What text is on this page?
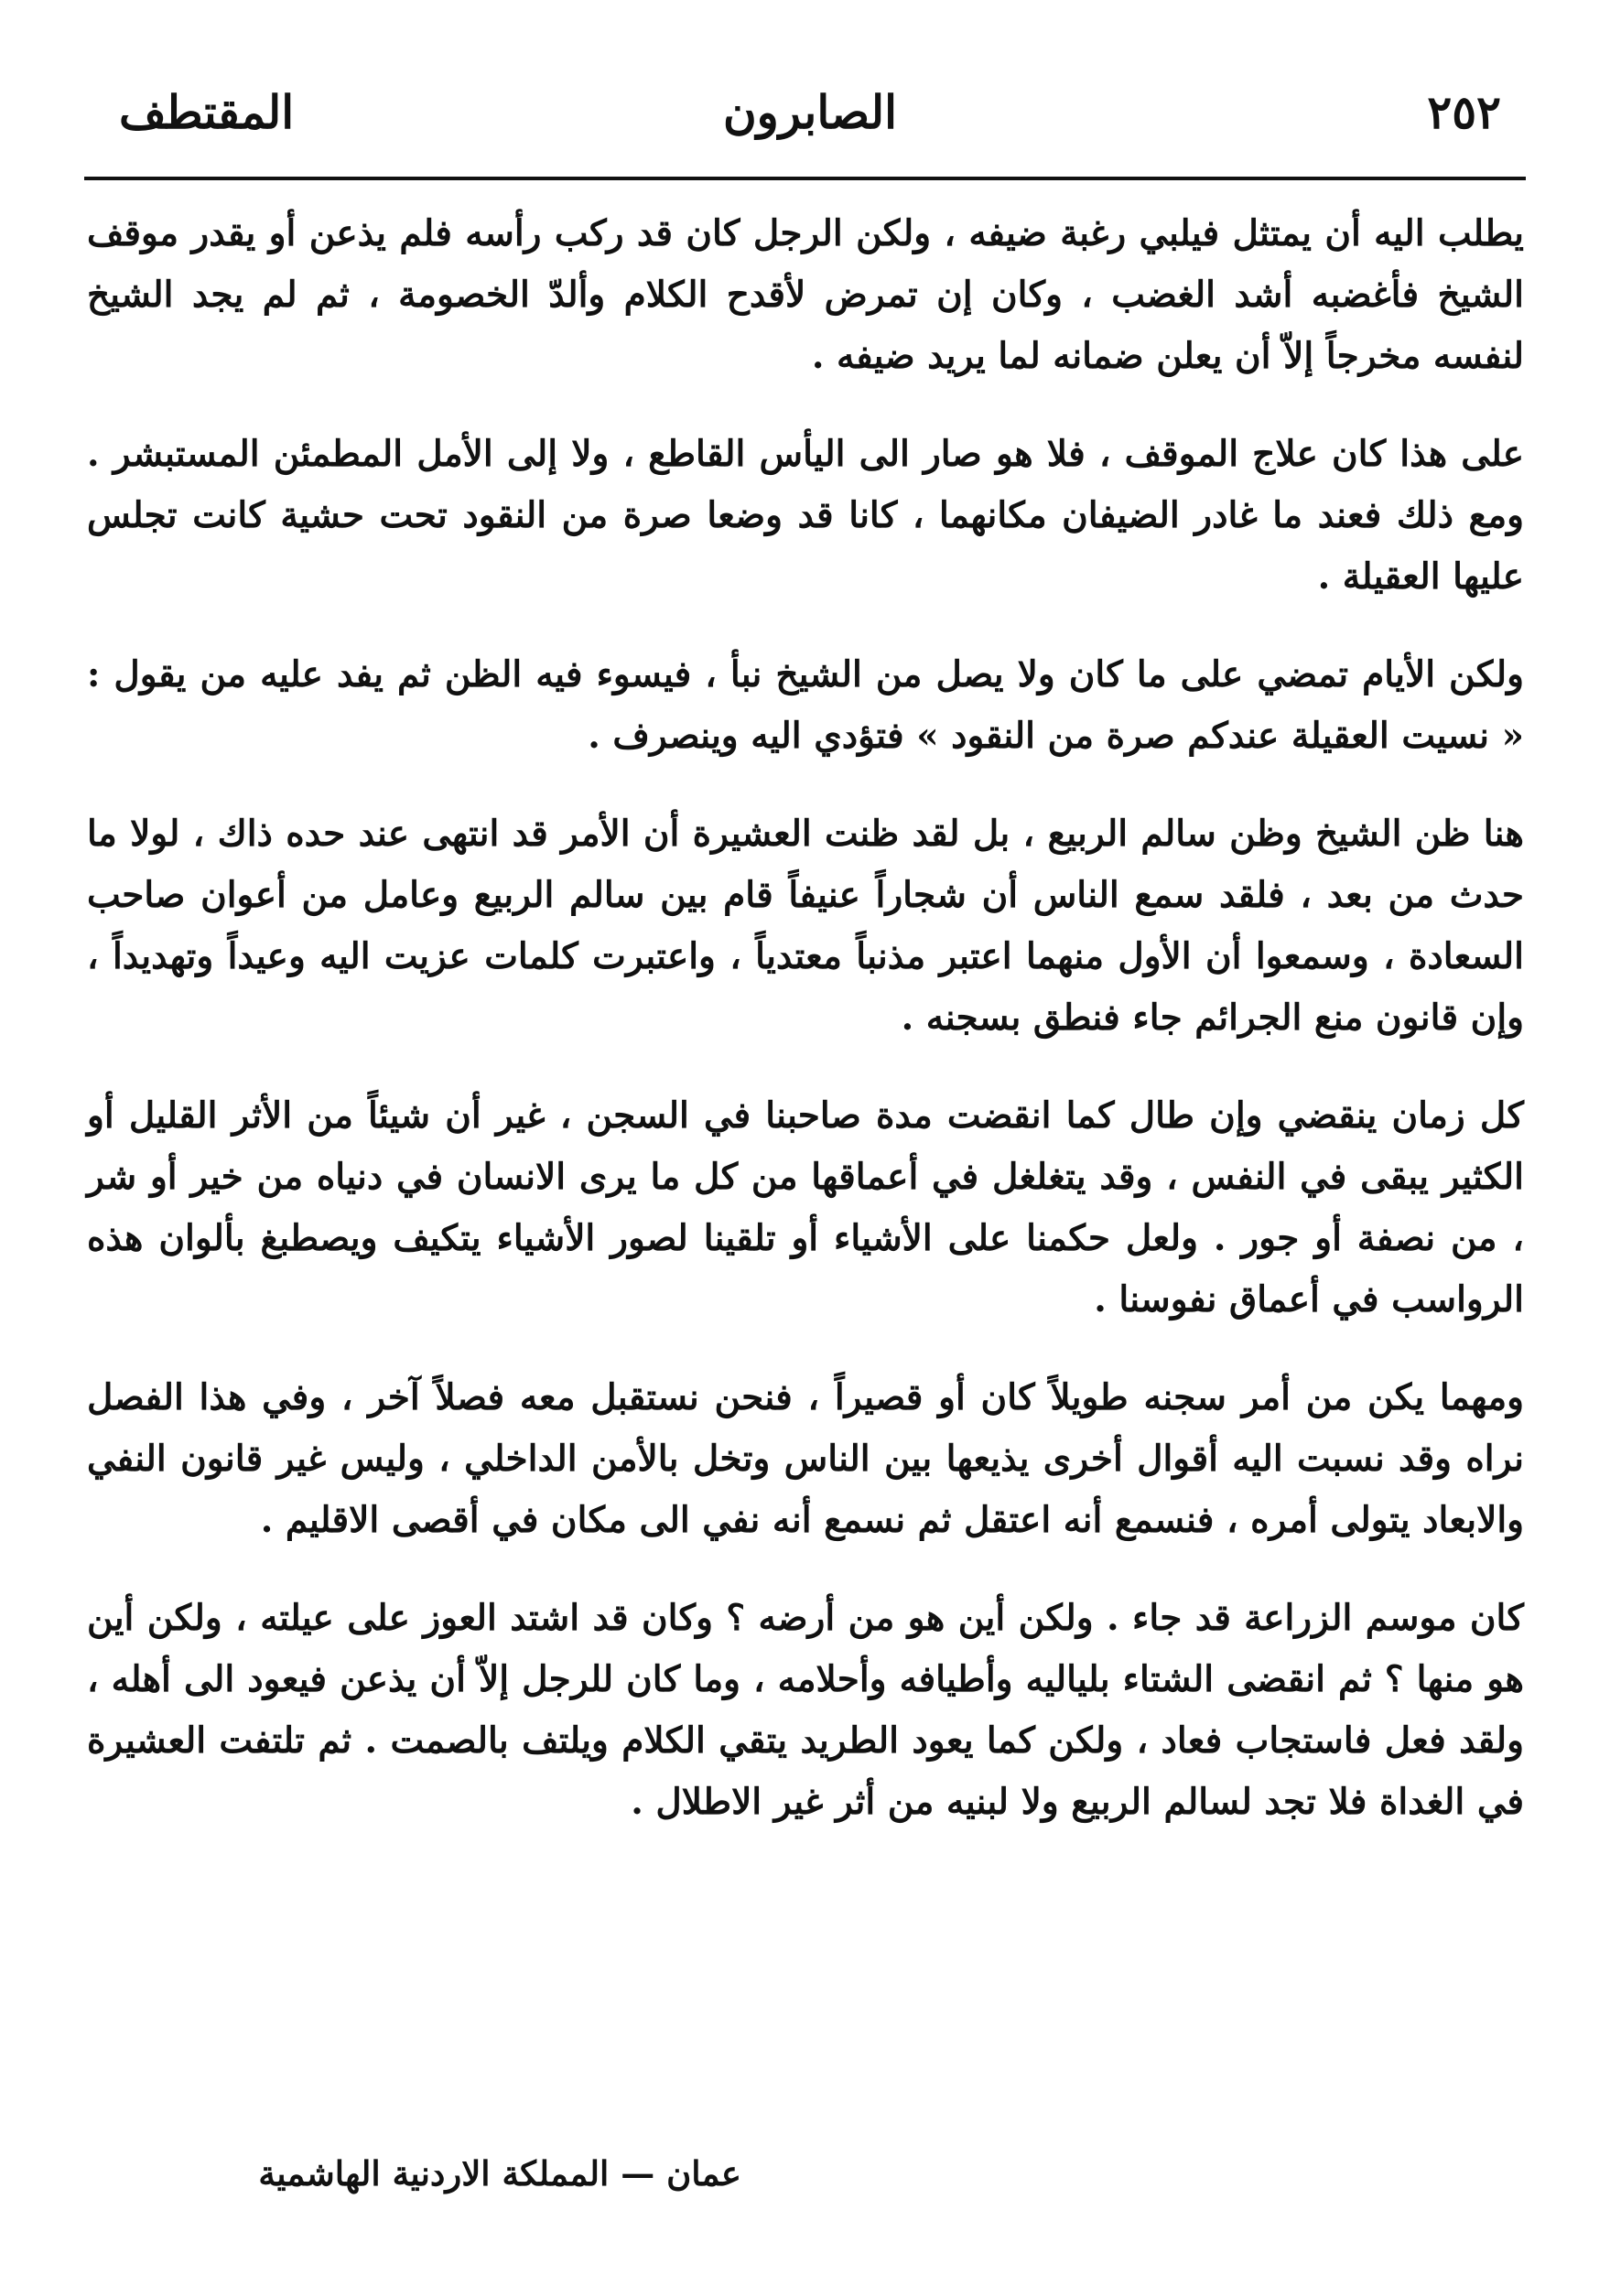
٢٥٢
الصابرون
المقتطف

يطلب اليه أن يمتثل فيلبي رغبة ضيفه ، ولكن الرجل كان قد ركب رأسه فلم يذعن أو يقدر موقف الشيخ فأغضبه أشد الغضب ، وكان إن تمرض لأقدح الكلام وألدّ الخصومة ، ثم لم يجد الشيخ لنفسه مخرجاً إلاّ أن يعلن ضمانه لما يريد ضيفه .

على هذا كان علاج الموقف ، فلا هو صار الى اليأس القاطع ، ولا إلى الأمل المطمئن المستبشر . ومع ذلك فعند ما غادر الضيفان مكانهما ، كانا قد وضعا صرة من النقود تحت حشية كانت تجلس عليها العقيلة .

ولكن الأيام تمضي على ما كان ولا يصل من الشيخ نبأ ، فيسوء فيه الظن ثم يفد عليه من يقول : « نسيت العقيلة عندكم صرة من النقود » فتؤدي اليه وينصرف .

هنا ظن الشيخ وظن سالم الربيع ، بل لقد ظنت العشيرة أن الأمر قد انتهى عند حده ذاك ، لولا ما حدث من بعد ، فلقد سمع الناس أن شجاراً عنيفاً قام بين سالم الربيع وعامل من أعوان صاحب السعادة ، وسمعوا أن الأول منهما اعتبر مذنباً معتدياً ، واعتبرت كلمات عزيت اليه وعيداً وتهديداً ، وإن قانون منع الجرائم جاء فنطق بسجنه .

كل زمان ينقضي وإن طال كما انقضت مدة صاحبنا في السجن ، غير أن شيئاً من الأثر القليل أو الكثير يبقى في النفس ، وقد يتغلغل في أعماقها من كل ما يرى الانسان في دنياه من خير أو شر ، من نصفة أو جور . ولعل حكمنا على الأشياء أو تلقينا لصور الأشياء يتكيف ويصطبغ بألوان هذه الرواسب في أعماق نفوسنا .

ومهما يكن من أمر سجنه طويلاً كان أو قصيراً ، فنحن نستقبل معه فصلاً آخر ، وفي هذا الفصل نراه وقد نسبت اليه أقوال أخرى يذيعها بين الناس وتخل بالأمن الداخلي ، وليس غير قانون النفي والابعاد يتولى أمره ، فنسمع أنه اعتقل ثم نسمع أنه نفي الى مكان في أقصى الاقليم .

كان موسم الزراعة قد جاء . ولكن أين هو من أرضه ؟ وكان قد اشتد العوز على عيلته ، ولكن أين هو منها ؟ ثم انقضى الشتاء بلياليه وأطيافه وأحلامه ، وما كان للرجل إلاّ أن يذعن فيعود الى أهله ، ولقد فعل فاستجاب فعاد ، ولكن كما يعود الطريد يتقي الكلام ويلتف بالصمت . ثم تلتفت العشيرة في الغداة فلا تجد لسالم الربيع ولا لبنيه من أثر غير الاطلال .

عمان — المملكة الاردنية الهاشمية
